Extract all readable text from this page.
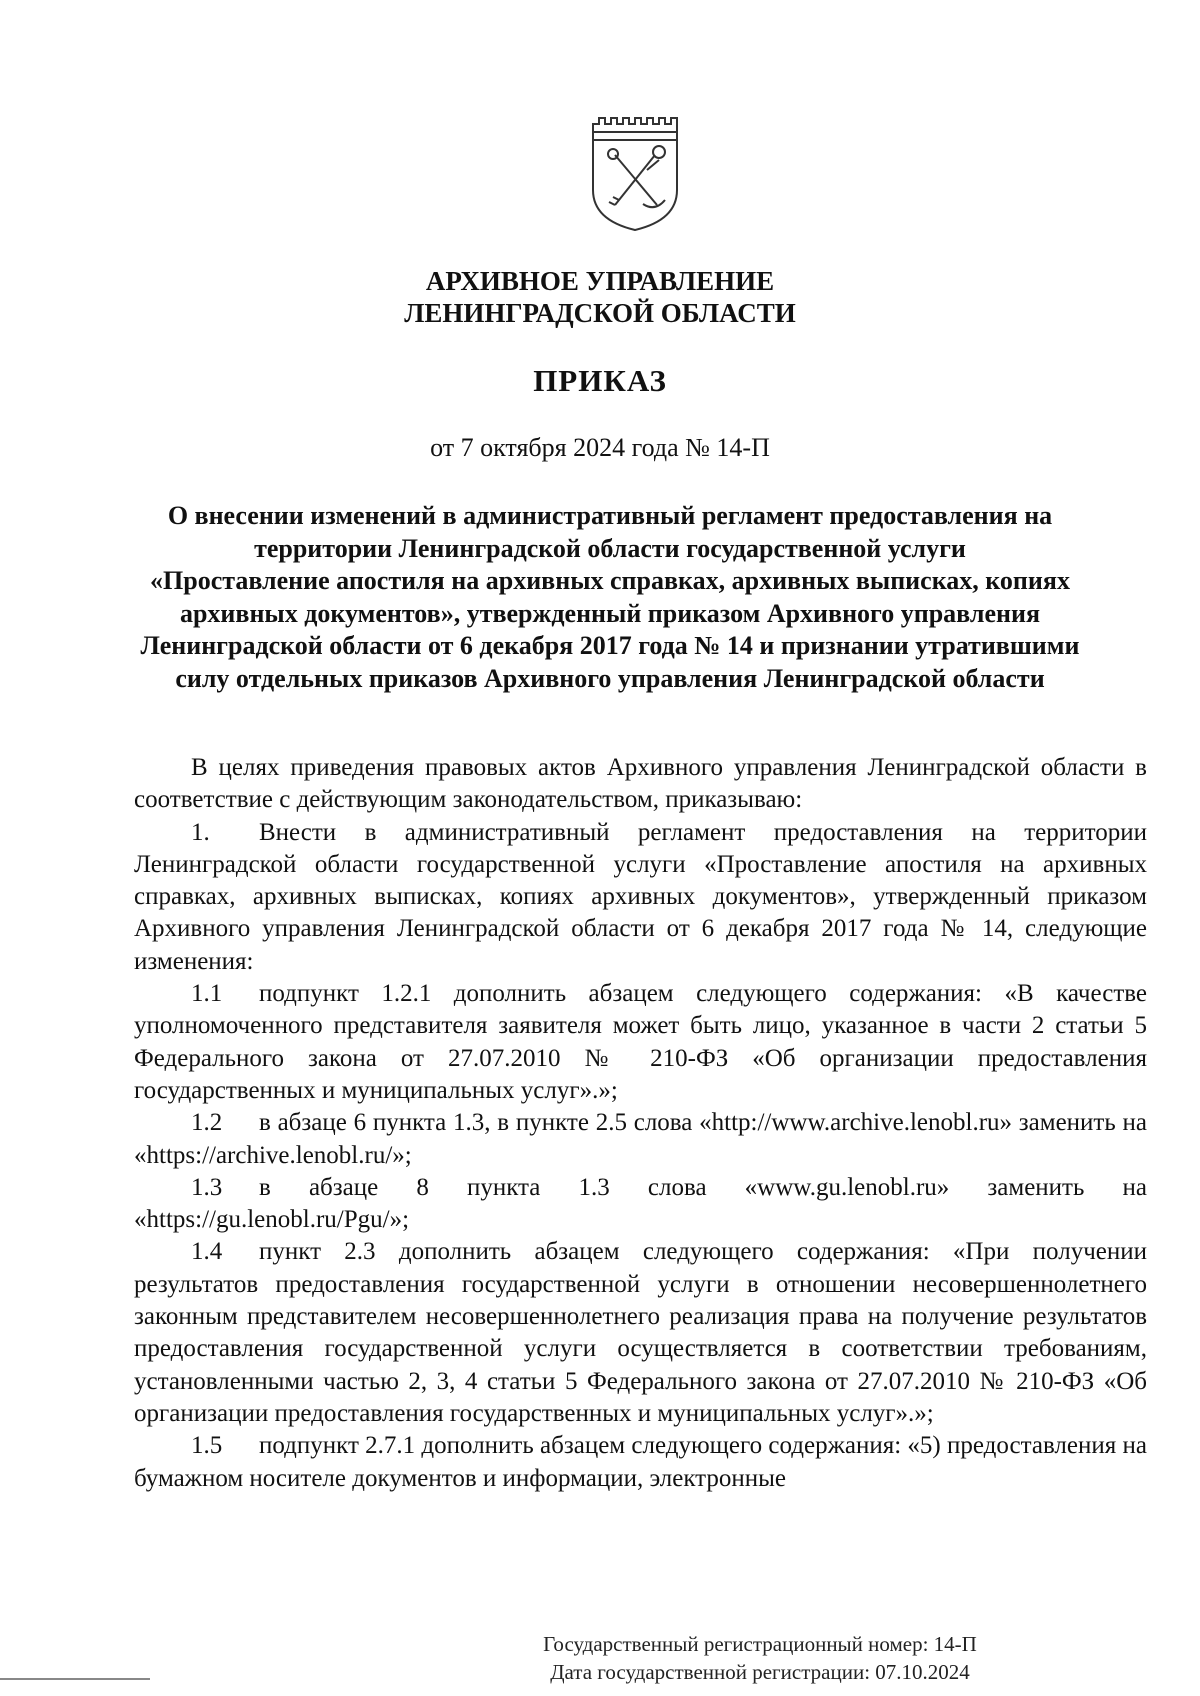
АРХИВНОЕ УПРАВЛЕНИЕ
ЛЕНИНГРАДСКОЙ ОБЛАСТИ
ПРИКАЗ
от 7 октября 2024 года № 14-П
О внесении изменений в административный регламент предоставления на
территории Ленинградской области государственной услуги
«Проставление апостиля на архивных справках, архивных выписках, копиях
архивных документов», утвержденный приказом Архивного управления
Ленинградской области от 6 декабря 2017 года № 14 и признании утратившими
силу отдельных приказов Архивного управления Ленинградской области

В целях приведения правовых актов Архивного управления Ленинградской области в соответствие с действующим законодательством, приказываю:

1. Внести в административный регламент предоставления на территории Ленинградской области государственной услуги «Проставление апостиля на архивных справках, архивных выписках, копиях архивных документов», утвержденный приказом Архивного управления Ленинградской области от 6 декабря 2017 года № 14, следующие изменения:

1.1 подпункт 1.2.1 дополнить абзацем следующего содержания: «В качестве уполномоченного представителя заявителя может быть лицо, указанное в части 2 статьи 5 Федерального закона от 27.07.2010 № 210-ФЗ «Об организации предоставления государственных и муниципальных услуг».»;

1.2 в абзаце 6 пункта 1.3, в пункте 2.5 слова «http://www.archive.lenobl.ru» заменить на «https://archive.lenobl.ru/»;

1.3 в абзаце 8 пункта 1.3 слова «www.gu.lenobl.ru» заменить на «https://gu.lenobl.ru/Pgu/»;

1.4 пункт 2.3 дополнить абзацем следующего содержания: «При получении результатов предоставления государственной услуги в отношении несовершеннолетнего законным представителем несовершеннолетнего реализация права на получение результатов предоставления государственной услуги осуществляется в соответствии требованиям, установленными частью 2, 3, 4 статьи 5 Федерального закона от 27.07.2010 № 210-ФЗ «Об организации предоставления государственных и муниципальных услуг».»;

1.5 подпункт 2.7.1 дополнить абзацем следующего содержания: «5) предоставления на бумажном носителе документов и информации, электронные

Государственный регистрационный номер: 14-П
Дата государственной регистрации: 07.10.2024
